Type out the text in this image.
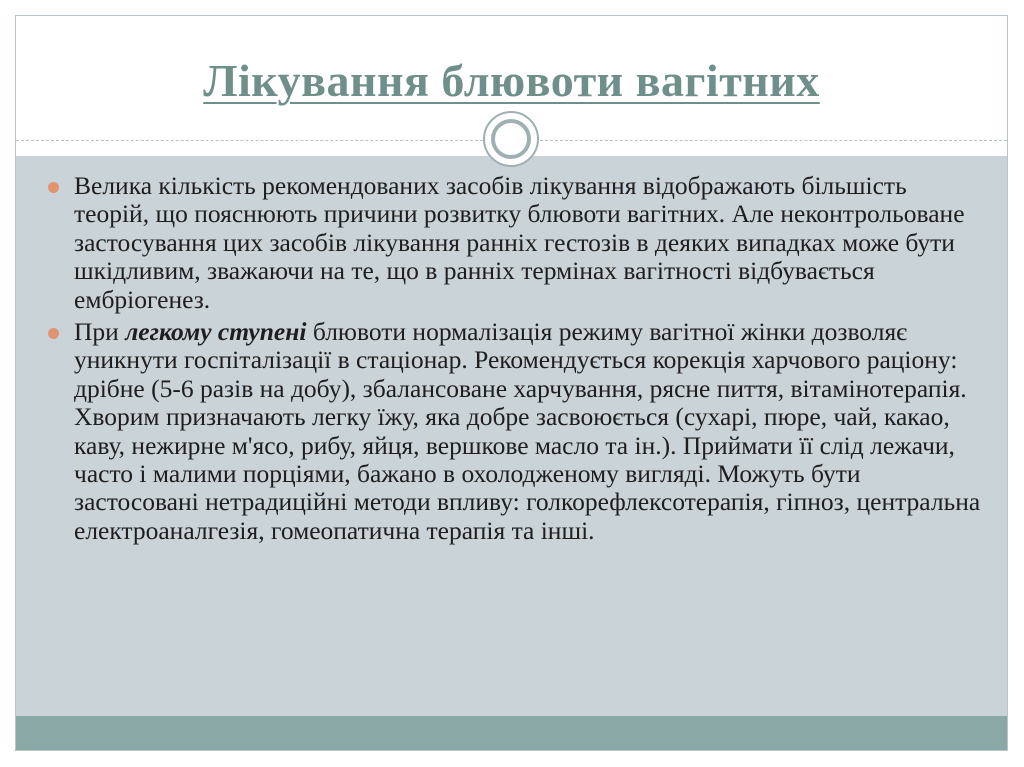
Лікування блювоти вагітних
Велика кількість рекомендованих засобів лікування відображають більшість теорій, що пояснюють причини розвитку блювоти вагітних. Але неконтрольоване застосування цих засобів лікування ранніх гестозів в деяких випадках може бути шкідливим, зважаючи на те, що в ранніх термінах вагітності відбувається ембріогенез.
При легкому ступені блювоти нормалізація режиму вагітної жінки дозволяє уникнути госпіталізації в стаціонар. Рекомендується корекція харчового раціону: дрібне (5-6 разів на добу), збалансоване харчування, рясне пиття, вітамінотерапія. Хворим призначають легку їжу, яка добре засвоюється (сухарі, пюре, чай, какао, каву, нежирне м'ясо, рибу, яйця, вершкове масло та ін.). Приймати її слід лежачи, часто і малими порціями, бажано в охолодженому вигляді. Можуть бути застосовані нетрадиційні методи впливу: голкорефлексотерапія, гіпноз, центральна електроаналгезія, гомеопатична терапія та інші.
